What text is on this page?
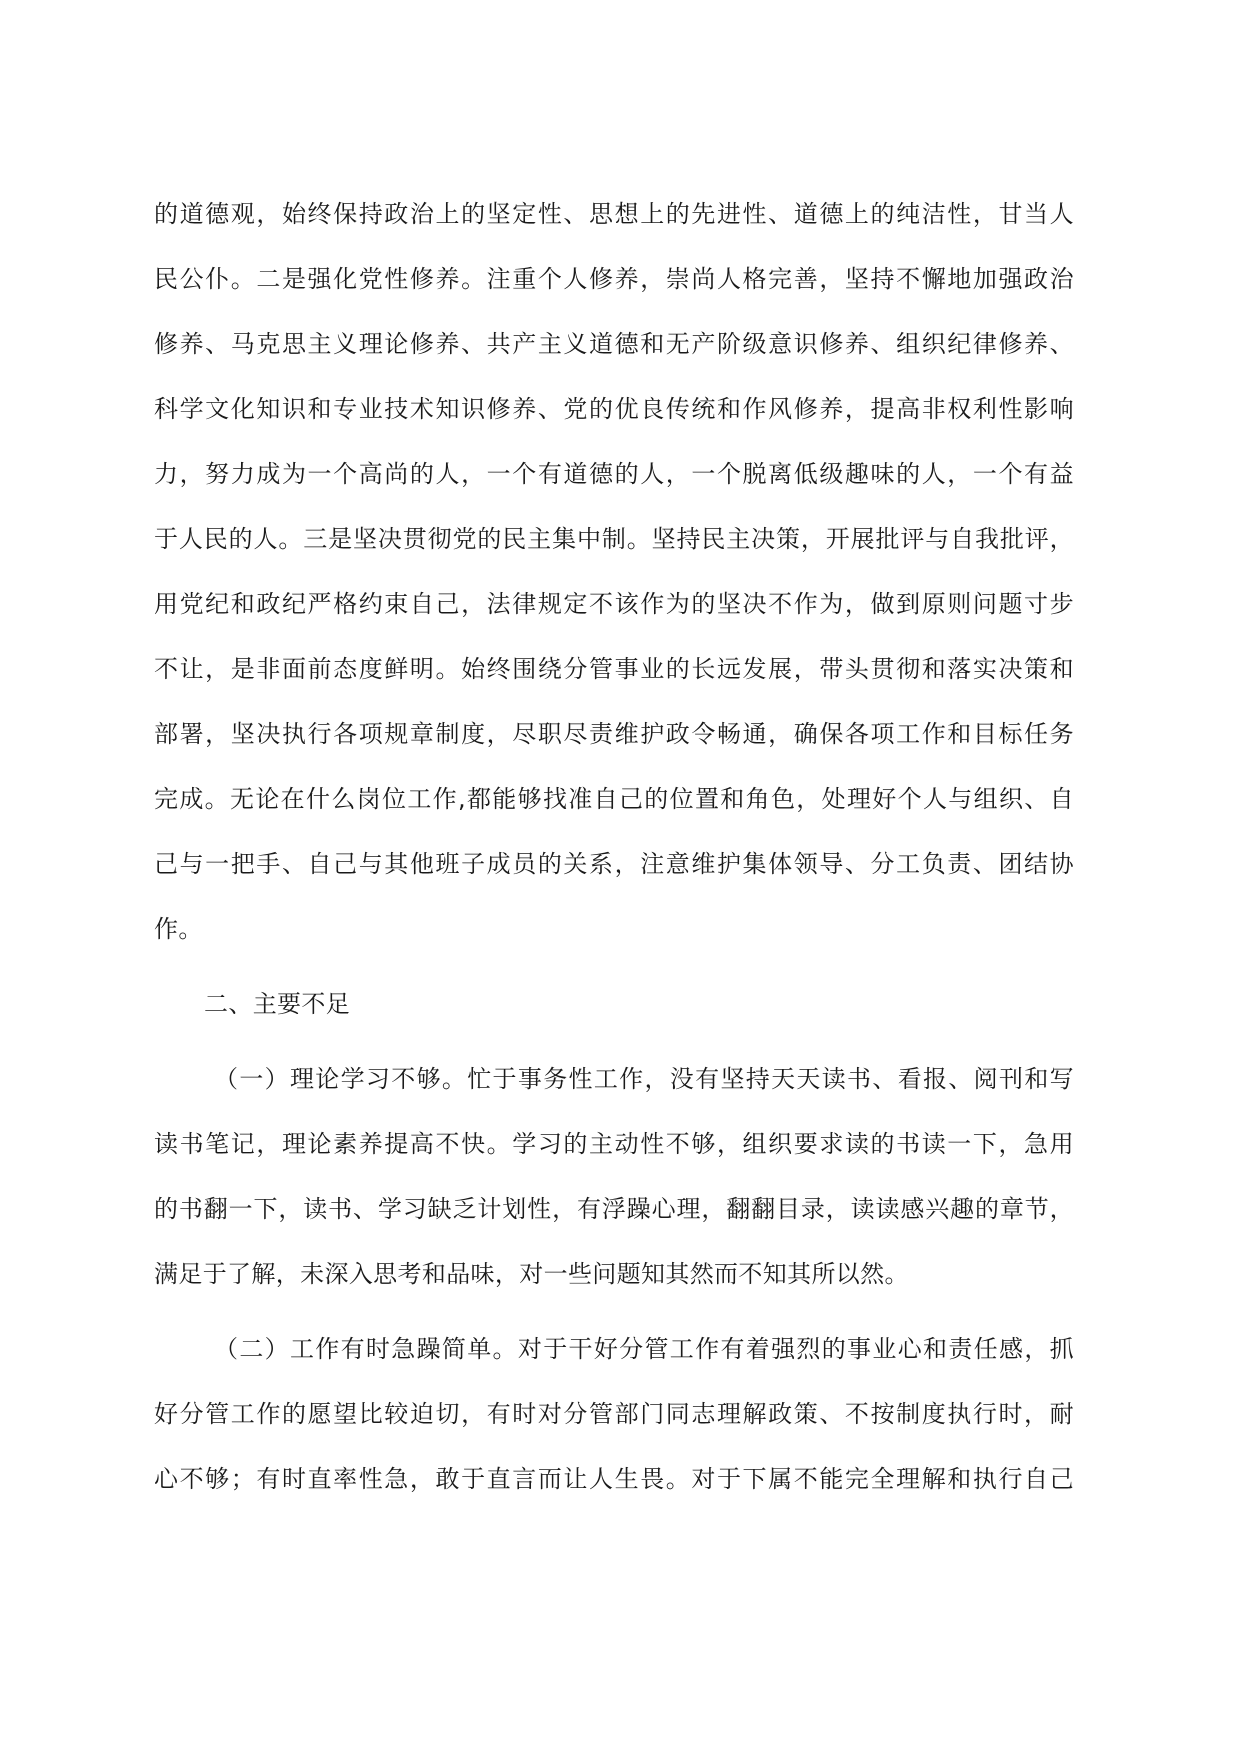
的道德观，始终保持政治上的坚定性、思想上的先进性、道德上的纯洁性，甘当人
民公仆。二是强化党性修养。注重个人修养，崇尚人格完善，坚持不懈地加强政治
修养、马克思主义理论修养、共产主义道德和无产阶级意识修养、组织纪律修养、
科学文化知识和专业技术知识修养、党的优良传统和作风修养，提高非权利性影响
力，努力成为一个高尚的人，一个有道德的人，一个脱离低级趣味的人，一个有益
于人民的人。三是坚决贯彻党的民主集中制。坚持民主决策，开展批评与自我批评，
用党纪和政纪严格约束自己，法律规定不该作为的坚决不作为，做到原则问题寸步
不让，是非面前态度鲜明。始终围绕分管事业的长远发展，带头贯彻和落实决策和
部署，坚决执行各项规章制度，尽职尽责维护政令畅通，确保各项工作和目标任务
完成。无论在什么岗位工作,都能够找准自己的位置和角色，处理好个人与组织、自
己与一把手、自己与其他班子成员的关系，注意维护集体领导、分工负责、团结协
作。
二、主要不足
（一）理论学习不够。忙于事务性工作，没有坚持天天读书、看报、阅刊和写
读书笔记，理论素养提高不快。学习的主动性不够，组织要求读的书读一下，急用
的书翻一下，读书、学习缺乏计划性，有浮躁心理，翻翻目录，读读感兴趣的章节，
满足于了解，未深入思考和品味，对一些问题知其然而不知其所以然。
（二）工作有时急躁简单。对于干好分管工作有着强烈的事业心和责任感，抓
好分管工作的愿望比较迫切，有时对分管部门同志理解政策、不按制度执行时，耐
心不够；有时直率性急，敢于直言而让人生畏。对于下属不能完全理解和执行自己
